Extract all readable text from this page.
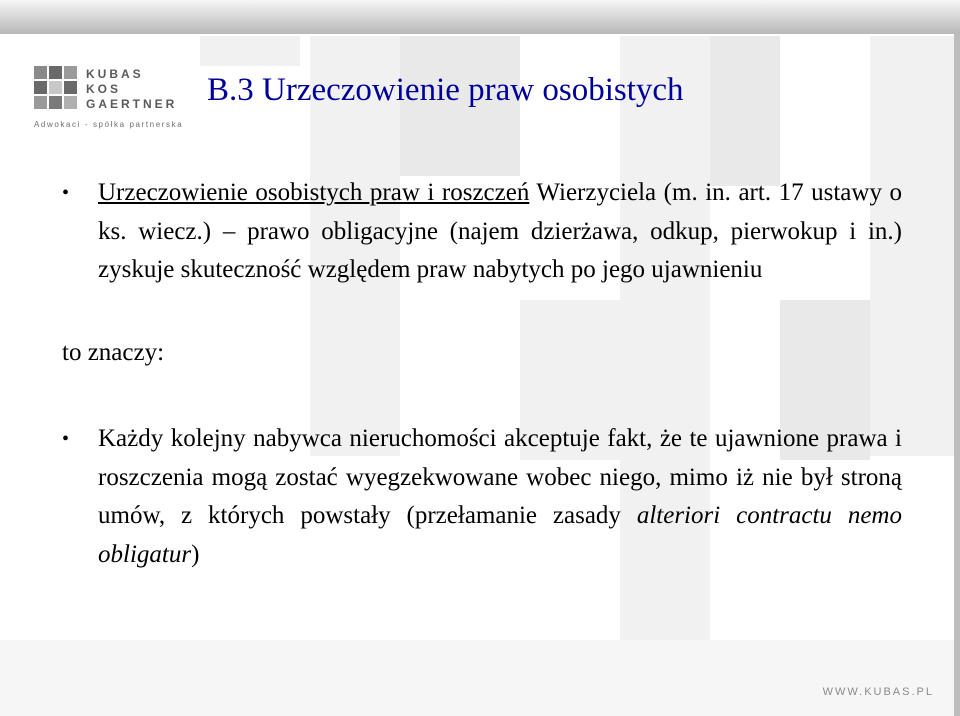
KUBAS
KOS
GAERTNER
Adwokaci - spółka partnerska
B.3 Urzeczowienie praw osobistych
•	Urzeczowienie osobistych praw i roszczeń Wierzyciela (m. in. art. 17 ustawy o ks. wiecz.) – prawo obligacyjne (najem dzierżawa, odkup, pierwokup i in.) zyskuje skuteczność względem praw nabytych po jego ujawnieniu
to znaczy:
•	Każdy kolejny nabywca nieruchomości akceptuje fakt, że te ujawnione prawa i roszczenia mogą zostać wyegzekwowane wobec niego, mimo iż nie był stroną umów, z których powstały (przełamanie zasady alteriori contractu nemo obligatur)
WWW.KUBAS.PL
